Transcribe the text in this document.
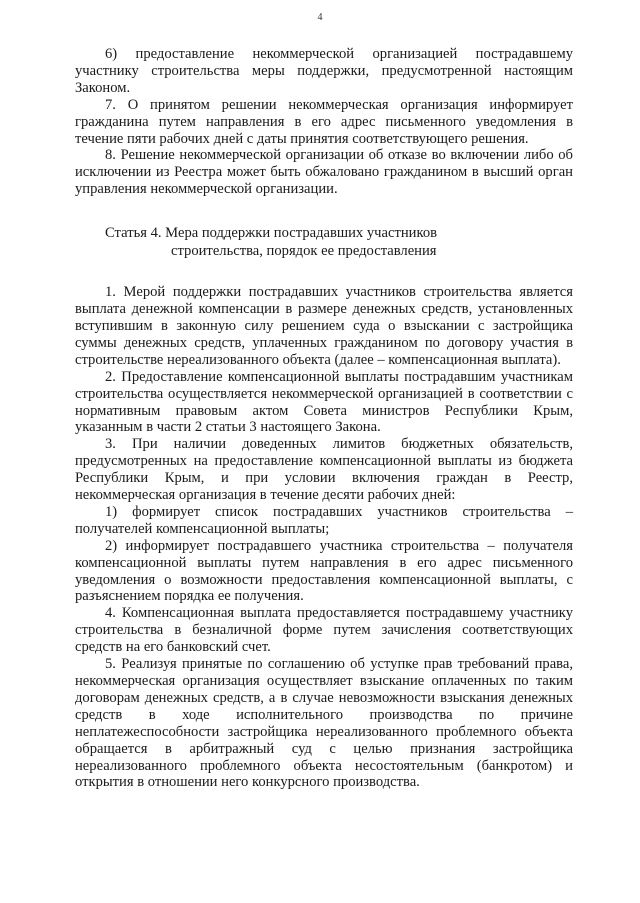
4

6) предоставление некоммерческой организацией пострадавшему участнику строительства меры поддержки, предусмотренной настоящим Законом.

7. О принятом решении некоммерческая организация информирует гражданина путем направления в его адрес письменного уведомления в течение пяти рабочих дней с даты принятия соответствующего решения.

8. Решение некоммерческой организации об отказе во включении либо об исключении из Реестра может быть обжаловано гражданином в высший орган управления некоммерческой организации.

Статья 4. Мера поддержки пострадавших участников
строительства, порядок ее предоставления

1. Мерой поддержки пострадавших участников строительства является выплата денежной компенсации в размере денежных средств, установленных вступившим в законную силу решением суда о взыскании с застройщика суммы денежных средств, уплаченных гражданином по договору участия в строительстве нереализованного объекта (далее – компенсационная выплата).

2. Предоставление компенсационной выплаты пострадавшим участникам строительства осуществляется некоммерческой организацией в соответствии с нормативным правовым актом Совета министров Республики Крым, указанным в части 2 статьи 3 настоящего Закона.

3. При наличии доведенных лимитов бюджетных обязательств, предусмотренных на предоставление компенсационной выплаты из бюджета Республики Крым, и при условии включения граждан в Реестр, некоммерческая организация в течение десяти рабочих дней:

1) формирует список пострадавших участников строительства – получателей компенсационной выплаты;

2) информирует пострадавшего участника строительства – получателя компенсационной выплаты путем направления в его адрес письменного уведомления о возможности предоставления компенсационной выплаты, с разъяснением порядка ее получения.

4. Компенсационная выплата предоставляется пострадавшему участнику строительства в безналичной форме путем зачисления соответствующих средств на его банковский счет.

5. Реализуя принятые по соглашению об уступке прав требований права, некоммерческая организация осуществляет взыскание оплаченных по таким договорам денежных средств, а в случае невозможности взыскания денежных средств в ходе исполнительного производства по причине неплатежеспособности застройщика нереализованного проблемного объекта обращается в арбитражный суд с целью признания застройщика нереализованного проблемного объекта несостоятельным (банкротом) и открытия в отношении него конкурсного производства.
